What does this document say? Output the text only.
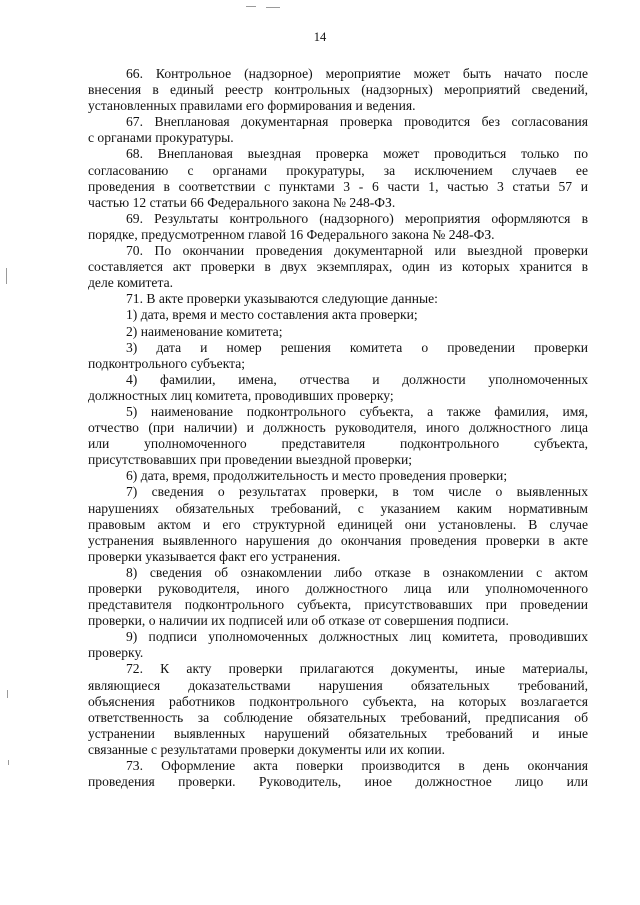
14
66. Контрольное (надзорное) мероприятие может быть начато после
внесения в единый реестр контрольных (надзорных) мероприятий сведений,
установленных правилами его формирования и ведения.
67. Внеплановая документарная проверка проводится без согласования
с органами прокуратуры.
68. Внеплановая выездная проверка может проводиться только по
согласованию с органами прокуратуры, за исключением случаев ее
проведения в соответствии с пунктами 3 - 6 части 1, частью 3 статьи 57 и
частью 12 статьи 66 Федерального закона № 248-ФЗ.
69. Результаты контрольного (надзорного) мероприятия оформляются в
порядке, предусмотренном главой 16 Федерального закона № 248-ФЗ.
70. По окончании проведения документарной или выездной проверки
составляется акт проверки в двух экземплярах, один из которых хранится в
деле комитета.
71. В акте проверки указываются следующие данные:
1) дата, время и место составления акта проверки;
2) наименование комитета;
3) дата и номер решения комитета о проведении проверки
подконтрольного субъекта;
4) фамилии, имена, отчества и должности уполномоченных
должностных лиц комитета, проводивших проверку;
5) наименование подконтрольного субъекта, а также фамилия, имя,
отчество (при наличии) и должность руководителя, иного должностного лица
или уполномоченного представителя подконтрольного субъекта,
присутствовавших при проведении выездной проверки;
6) дата, время, продолжительность и место проведения проверки;
7) сведения о результатах проверки, в том числе о выявленных
нарушениях обязательных требований, с указанием каким нормативным
правовым актом и его структурной единицей они установлены. В случае
устранения выявленного нарушения до окончания проведения проверки в акте
проверки указывается факт его устранения.
8) сведения об ознакомлении либо отказе в ознакомлении с актом
проверки руководителя, иного должностного лица или уполномоченного
представителя подконтрольного субъекта, присутствовавших при проведении
проверки, о наличии их подписей или об отказе от совершения подписи.
9) подписи уполномоченных должностных лиц комитета, проводивших
проверку.
72. К акту проверки прилагаются документы, иные материалы,
являющиеся доказательствами нарушения обязательных требований,
объяснения работников подконтрольного субъекта, на которых возлагается
ответственность за соблюдение обязательных требований, предписания об
устранении выявленных нарушений обязательных требований и иные
связанные с результатами проверки документы или их копии.
73. Оформление акта поверки производится в день окончания
проведения проверки. Руководитель, иное должностное лицо или
